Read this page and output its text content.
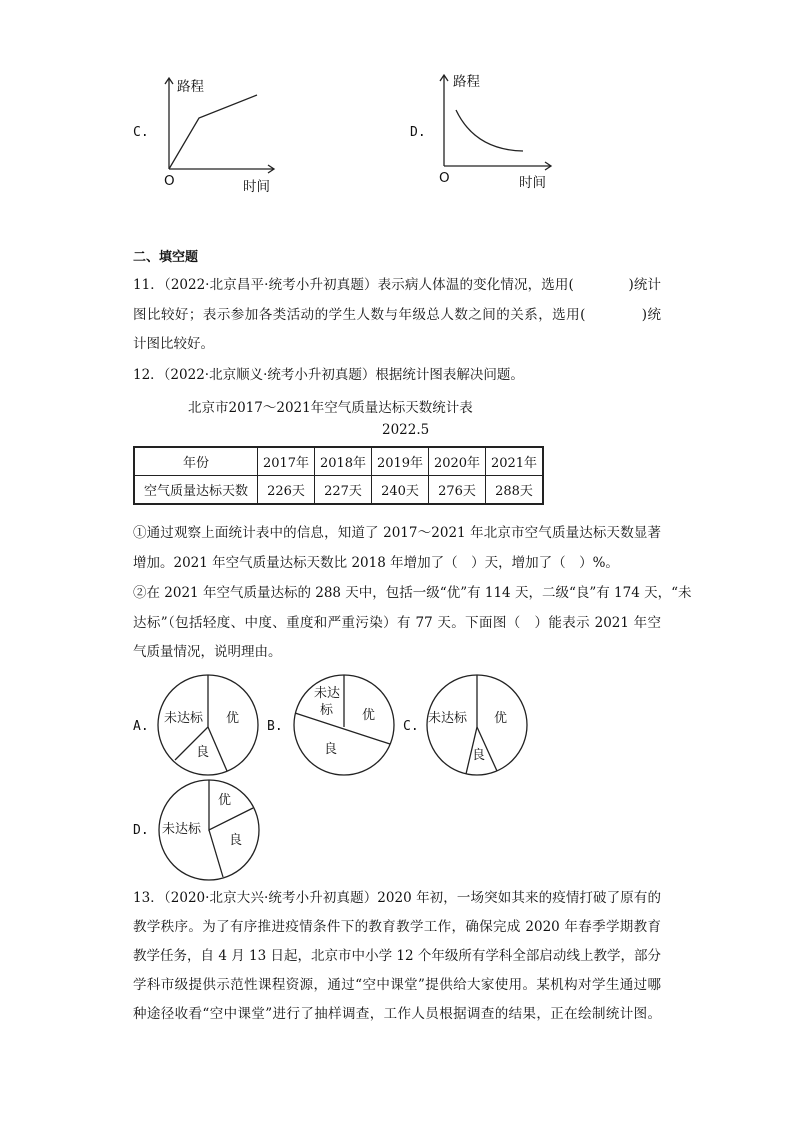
C.
路程
O	时间
D.
路程
O	时间
二、填空题
11．（2022·北京昌平·统考小升初真题）表示病人体温的变化情况，选用(　　　　)统计
图比较好；表示参加各类活动的学生人数与年级总人数之间的关系，选用(　　　　)统
计图比较好。
12．（2022·北京顺义·统考小升初真题）根据统计图表解决问题。
北京市2017～2021年空气质量达标天数统计表
2022.5
年份	2017年	2018年	2019年	2020年	2021年
空气质量达标天数	226天	227天	240天	276天	288天
①通过观察上面统计表中的信息，知道了 2017～2021 年北京市空气质量达标天数显著
增加。2021 年空气质量达标天数比 2018 年增加了（　）天，增加了（　）%。
②在 2021 年空气质量达标的 288 天中，包括一级“优”有 114 天，二级“良”有 174 天，“未
达标”（包括轻度、中度、重度和严重污染）有 77 天。下面图（　）能表示 2021 年空
气质量情况，说明理由。
A.
未达标 优
良
B.
未达
标 优
良
C.
未达标 优
良
D.
优
未达标
良
13．（2020·北京大兴·统考小升初真题）2020 年初，一场突如其来的疫情打破了原有的
教学秩序。为了有序推进疫情条件下的教育教学工作，确保完成 2020 年春季学期教育
教学任务，自 4 月 13 日起，北京市中小学 12 个年级所有学科全部启动线上教学，部分
学科市级提供示范性课程资源，通过“空中课堂”提供给大家使用。某机构对学生通过哪
种途径收看“空中课堂”进行了抽样调查，工作人员根据调查的结果，正在绘制统计图。
